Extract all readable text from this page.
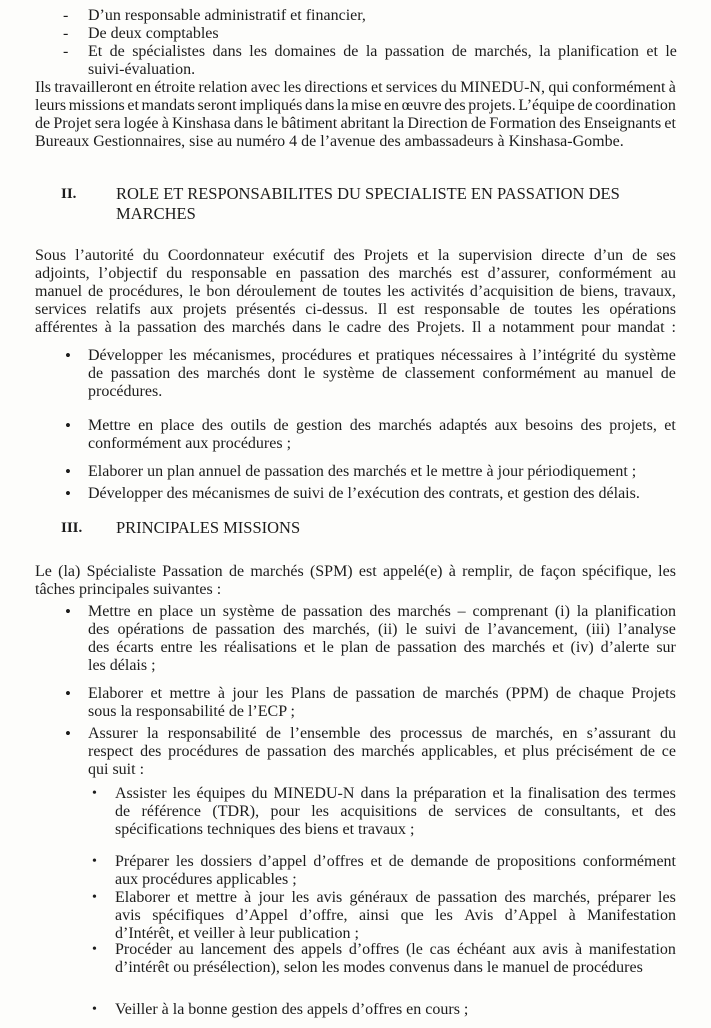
- D’un responsable administratif et financier,
- De deux comptables
- Et de spécialistes dans les domaines de la passation de marchés, la planification et le
suivi-évaluation.
Ils travailleront en étroite relation avec les directions et services du MINEDU-N, qui conformément à
leurs missions et mandats seront impliqués dans la mise en œuvre des projets. L’équipe de coordination
de Projet sera logée à Kinshasa dans le bâtiment abritant la Direction de Formation des Enseignants et
Bureaux Gestionnaires, sise au numéro 4 de l’avenue des ambassadeurs à Kinshasa-Gombe.
II. ROLE ET RESPONSABILITES DU SPECIALISTE EN PASSATION DES
MARCHES
Sous l’autorité du Coordonnateur exécutif des Projets et la supervision directe d’un de ses
adjoints, l’objectif du responsable en passation des marchés est d’assurer, conformément au
manuel de procédures, le bon déroulement de toutes les activités d’acquisition de biens, travaux,
services relatifs aux projets présentés ci-dessus. Il est responsable de toutes les opérations
afférentes à la passation des marchés dans le cadre des Projets. Il a notamment pour mandat :
• Développer les mécanismes, procédures et pratiques nécessaires à l’intégrité du système
de passation des marchés dont le système de classement conformément au manuel de
procédures.
• Mettre en place des outils de gestion des marchés adaptés aux besoins des projets, et
conformément aux procédures ;
• Elaborer un plan annuel de passation des marchés et le mettre à jour périodiquement ;
• Développer des mécanismes de suivi de l’exécution des contrats, et gestion des délais.
III. PRINCIPALES MISSIONS
Le (la) Spécialiste Passation de marchés (SPM) est appelé(e) à remplir, de façon spécifique, les
tâches principales suivantes :
• Mettre en place un système de passation des marchés – comprenant (i) la planification
des opérations de passation des marchés, (ii) le suivi de l’avancement, (iii) l’analyse
des écarts entre les réalisations et le plan de passation des marchés et (iv) d’alerte sur
les délais ;
• Elaborer et mettre à jour les Plans de passation de marchés (PPM) de chaque Projets
sous la responsabilité de l’ECP ;
• Assurer la responsabilité de l’ensemble des processus de marchés, en s’assurant du
respect des procédures de passation des marchés applicables, et plus précisément de ce
qui suit :
• Assister les équipes du MINEDU-N dans la préparation et la finalisation des termes
de référence (TDR), pour les acquisitions de services de consultants, et des
spécifications techniques des biens et travaux ;
• Préparer les dossiers d’appel d’offres et de demande de propositions conformément
aux procédures applicables ;
• Elaborer et mettre à jour les avis généraux de passation des marchés, préparer les
avis spécifiques d’Appel d’offre, ainsi que les Avis d’Appel à Manifestation
d’Intérêt, et veiller à leur publication ;
• Procéder au lancement des appels d’offres (le cas échéant aux avis à manifestation
d’intérêt ou présélection), selon les modes convenus dans le manuel de procédures
• Veiller à la bonne gestion des appels d’offres en cours ;
